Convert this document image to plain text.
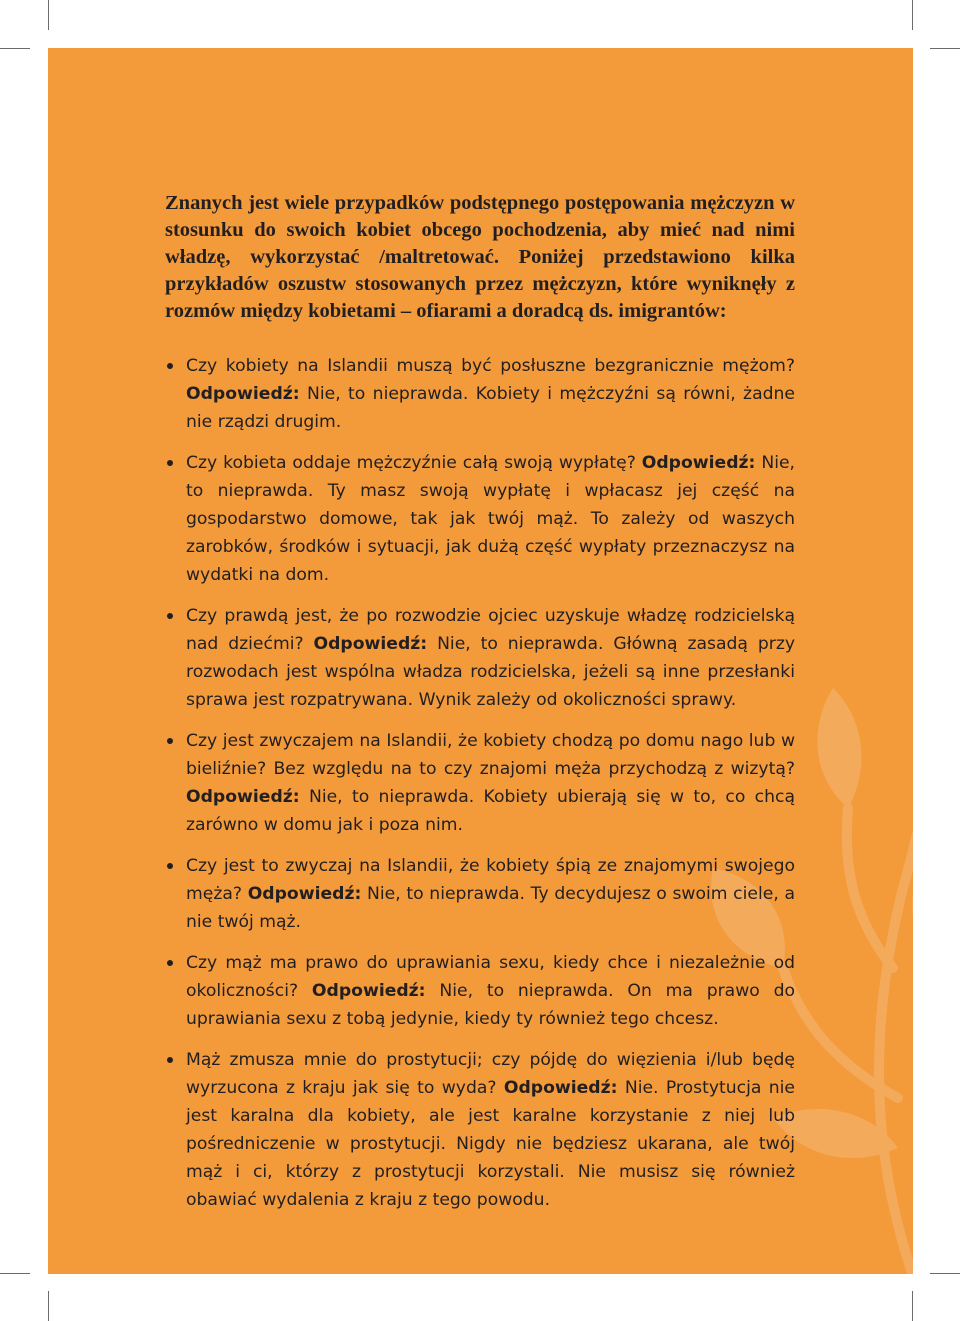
Znanych jest wiele przypadków podstępnego postępowania mężczyzn w stosunku do swoich kobiet obcego pochodzenia, aby mieć nad nimi władzę, wykorzystać /maltretować. Poniżej przedstawiono kilka przykładów oszustw stosowanych przez mężczyzn, które wyniknęły z rozmów między kobietami – ofiarami a doradcą ds. imigrantów:

Czy kobiety na Islandii muszą być posłuszne bezgranicznie mężom? Odpowiedź: Nie, to nieprawda. Kobiety i mężczyźni są równi, żadne nie rządzi drugim.
Czy kobieta oddaje mężczyźnie całą swoją wypłatę? Odpowiedź: Nie, to nieprawda. Ty masz swoją wypłatę i wpłacasz jej część na gospodarstwo domowe, tak jak twój mąż. To zależy od waszych zarobków, środków i sytuacji, jak dużą część wypłaty przeznaczysz na wydatki na dom.
Czy prawdą jest, że po rozwodzie ojciec uzyskuje władzę rodzicielską nad dziećmi? Odpowiedź: Nie, to nieprawda. Główną zasadą przy rozwodach jest wspólna władza rodzicielska, jeżeli są inne przesłanki sprawa jest rozpatrywana. Wynik zależy od okoliczności sprawy.
Czy jest zwyczajem na Islandii, że kobiety chodzą po domu nago lub w bieliźnie? Bez względu na to czy znajomi męża przychodzą z wizytą? Odpowiedź: Nie, to nieprawda. Kobiety ubierają się w to, co chcą zarówno w domu jak i poza nim.
Czy jest to zwyczaj na Islandii, że kobiety śpią ze znajomymi swojego męża? Odpowiedź: Nie, to nieprawda. Ty decydujesz o swoim ciele, a nie twój mąż.
Czy mąż ma prawo do uprawiania sexu, kiedy chce i niezależnie od okoliczności? Odpowiedź: Nie, to nieprawda. On ma prawo do uprawiania sexu z tobą jedynie, kiedy ty również tego chcesz.
Mąż zmusza mnie do prostytucji; czy pójdę do więzienia i/lub będę wyrzucona z kraju jak się to wyda? Odpowiedź: Nie. Prostytucja nie jest karalna dla kobiety, ale jest karalne korzystanie z niej lub pośredniczenie w prostytucji. Nigdy nie będziesz ukarana, ale twój mąż i ci, którzy z prostytucji korzystali. Nie musisz się również obawiać wydalenia z kraju z tego powodu.
